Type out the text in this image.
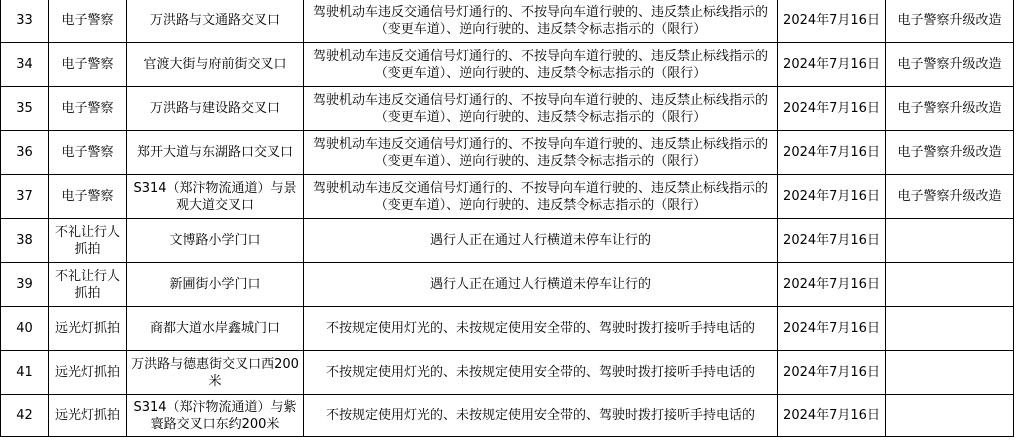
33	电子警察	万洪路与文通路交叉口	驾驶机动车违反交通信号灯通行的、不按导向车道行驶的、违反禁止标线指示的（变更车道）、逆向行驶的、违反禁令标志指示的（限行）	2024年7月16日	电子警察升级改造
34	电子警察	官渡大街与府前街交叉口	驾驶机动车违反交通信号灯通行的、不按导向车道行驶的、违反禁止标线指示的（变更车道）、逆向行驶的、违反禁令标志指示的（限行）	2024年7月16日	电子警察升级改造
35	电子警察	万洪路与建设路交叉口	驾驶机动车违反交通信号灯通行的、不按导向车道行驶的、违反禁止标线指示的（变更车道）、逆向行驶的、违反禁令标志指示的（限行）	2024年7月16日	电子警察升级改造
36	电子警察	郑开大道与东湖路口交叉口	驾驶机动车违反交通信号灯通行的、不按导向车道行驶的、违反禁止标线指示的（变更车道）、逆向行驶的、违反禁令标志指示的（限行）	2024年7月16日	电子警察升级改造
37	电子警察	S314（郑汴物流通道）与景观大道交叉口	驾驶机动车违反交通信号灯通行的、不按导向车道行驶的、违反禁止标线指示的（变更车道）、逆向行驶的、违反禁令标志指示的（限行）	2024年7月16日	电子警察升级改造
38	不礼让行人抓拍	文博路小学门口	遇行人正在通过人行横道未停车让行的	2024年7月16日	
39	不礼让行人抓拍	新圃街小学门口	遇行人正在通过人行横道未停车让行的	2024年7月16日	
40	远光灯抓拍	商都大道水岸鑫城门口	不按规定使用灯光的、未按规定使用安全带的、驾驶时拨打接听手持电话的	2024年7月16日	
41	远光灯抓拍	万洪路与德惠街交叉口西200米	不按规定使用灯光的、未按规定使用安全带的、驾驶时拨打接听手持电话的	2024年7月16日	
42	远光灯抓拍	S314（郑汴物流通道）与紫寰路交叉口东约200米	不按规定使用灯光的、未按规定使用安全带的、驾驶时拨打接听手持电话的	2024年7月16日	
